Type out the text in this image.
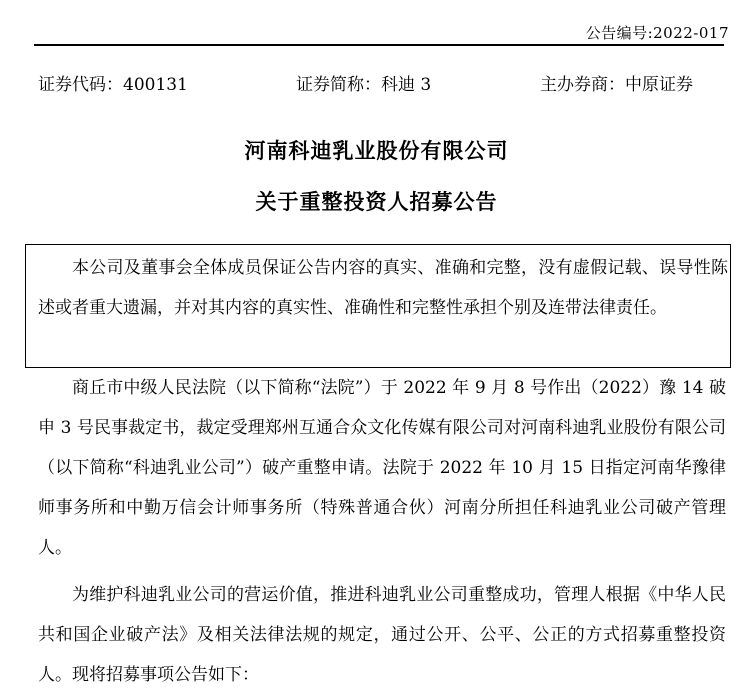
公告编号:2022-017
证券代码：400131	证券简称：科迪 3	主办券商：中原证券
河南科迪乳业股份有限公司
关于重整投资人招募公告

本公司及董事会全体成员保证公告内容的真实、准确和完整，没有虚假记载、误导性陈述或者重大遗漏，并对其内容的真实性、准确性和完整性承担个别及连带法律责任。

商丘市中级人民法院（以下简称“法院”）于 2022 年 9 月 8 号作出（2022）豫 14 破申 3 号民事裁定书，裁定受理郑州互通合众文化传媒有限公司对河南科迪乳业股份有限公司（以下简称“科迪乳业公司”）破产重整申请。法院于 2022 年 10 月 15 日指定河南华豫律师事务所和中勤万信会计师事务所（特殊普通合伙）河南分所担任科迪乳业公司破产管理人。

为维护科迪乳业公司的营运价值，推进科迪乳业公司重整成功，管理人根据《中华人民共和国企业破产法》及相关法律法规的规定，通过公开、公平、公正的方式招募重整投资人。现将招募事项公告如下：
